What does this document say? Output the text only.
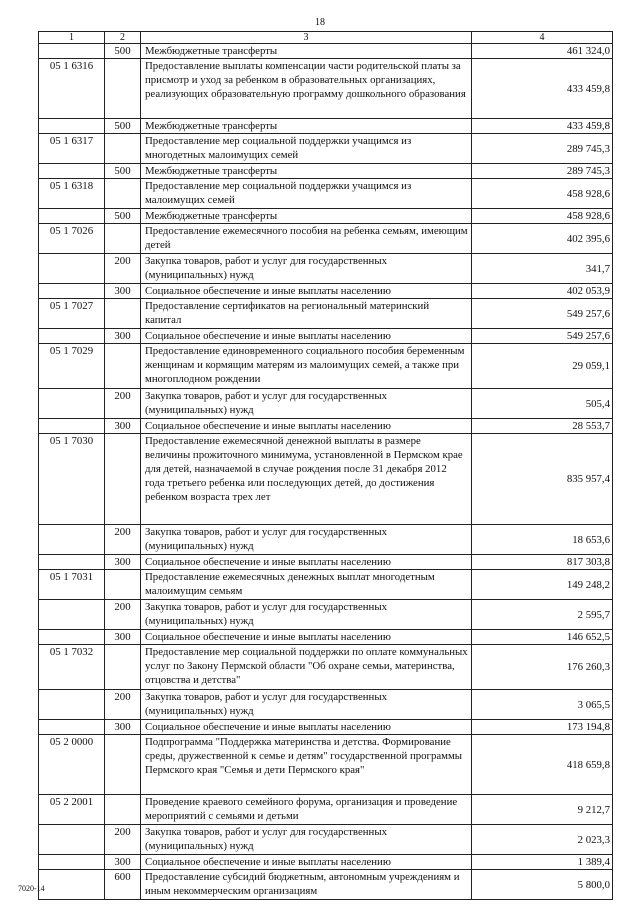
18
1	2	3	4
	500	Межбюджетные трансферты	461 324,0
05 1 6316		Предоставление выплаты компенсации части родительской платы за присмотр и уход за ребенком в образовательных организациях, реализующих образовательную программу дошкольного образования	433 459,8
	500	Межбюджетные трансферты	433 459,8
05 1 6317		Предоставление мер социальной поддержки учащимся из многодетных малоимущих семей	289 745,3
	500	Межбюджетные трансферты	289 745,3
05 1 6318		Предоставление мер социальной поддержки учащимся из малоимущих семей	458 928,6
	500	Межбюджетные трансферты	458 928,6
05 1 7026		Предоставление ежемесячного пособия на ребенка семьям, имеющим детей	402 395,6
	200	Закупка товаров, работ и услуг для государственных (муниципальных) нужд	341,7
	300	Социальное обеспечение и иные выплаты населению	402 053,9
05 1 7027		Предоставление сертификатов на региональный материнский капитал	549 257,6
	300	Социальное обеспечение и иные выплаты населению	549 257,6
05 1 7029		Предоставление единовременного социального пособия беременным женщинам и кормящим матерям из малоимущих семей, а также при многоплодном рождении	29 059,1
	200	Закупка товаров, работ и услуг для государственных (муниципальных) нужд	505,4
	300	Социальное обеспечение и иные выплаты населению	28 553,7
05 1 7030		Предоставление ежемесячной денежной выплаты в размере величины прожиточного минимума, установленной в Пермском крае для детей, назначаемой в случае рождения после 31 декабря 2012 года третьего ребенка или последующих детей, до достижения ребенком возраста трех лет	835 957,4
	200	Закупка товаров, работ и услуг для государственных (муниципальных) нужд	18 653,6
	300	Социальное обеспечение и иные выплаты населению	817 303,8
05 1 7031		Предоставление ежемесячных денежных выплат многодетным малоимущим семьям	149 248,2
	200	Закупка товаров, работ и услуг для государственных (муниципальных) нужд	2 595,7
	300	Социальное обеспечение и иные выплаты населению	146 652,5
05 1 7032		Предоставление мер социальной поддержки по оплате коммунальных услуг по Закону Пермской области "Об охране семьи, материнства, отцовства и детства"	176 260,3
	200	Закупка товаров, работ и услуг для государственных (муниципальных) нужд	3 065,5
	300	Социальное обеспечение и иные выплаты населению	173 194,8
05 2 0000		Подпрограмма "Поддержка материнства и детства. Формирование среды, дружественной к семье и детям" государственной программы Пермского края "Семья и дети Пермского края"	418 659,8
05 2 2001		Проведение краевого семейного форума, организация и проведение мероприятий с семьями и детьми	9 212,7
	200	Закупка товаров, работ и услуг для государственных (муниципальных) нужд	2 023,3
	300	Социальное обеспечение и иные выплаты населению	1 389,4
	600	Предоставление субсидий бюджетным, автономным учреждениям и иным некоммерческим организациям	5 800,0
7020-14
